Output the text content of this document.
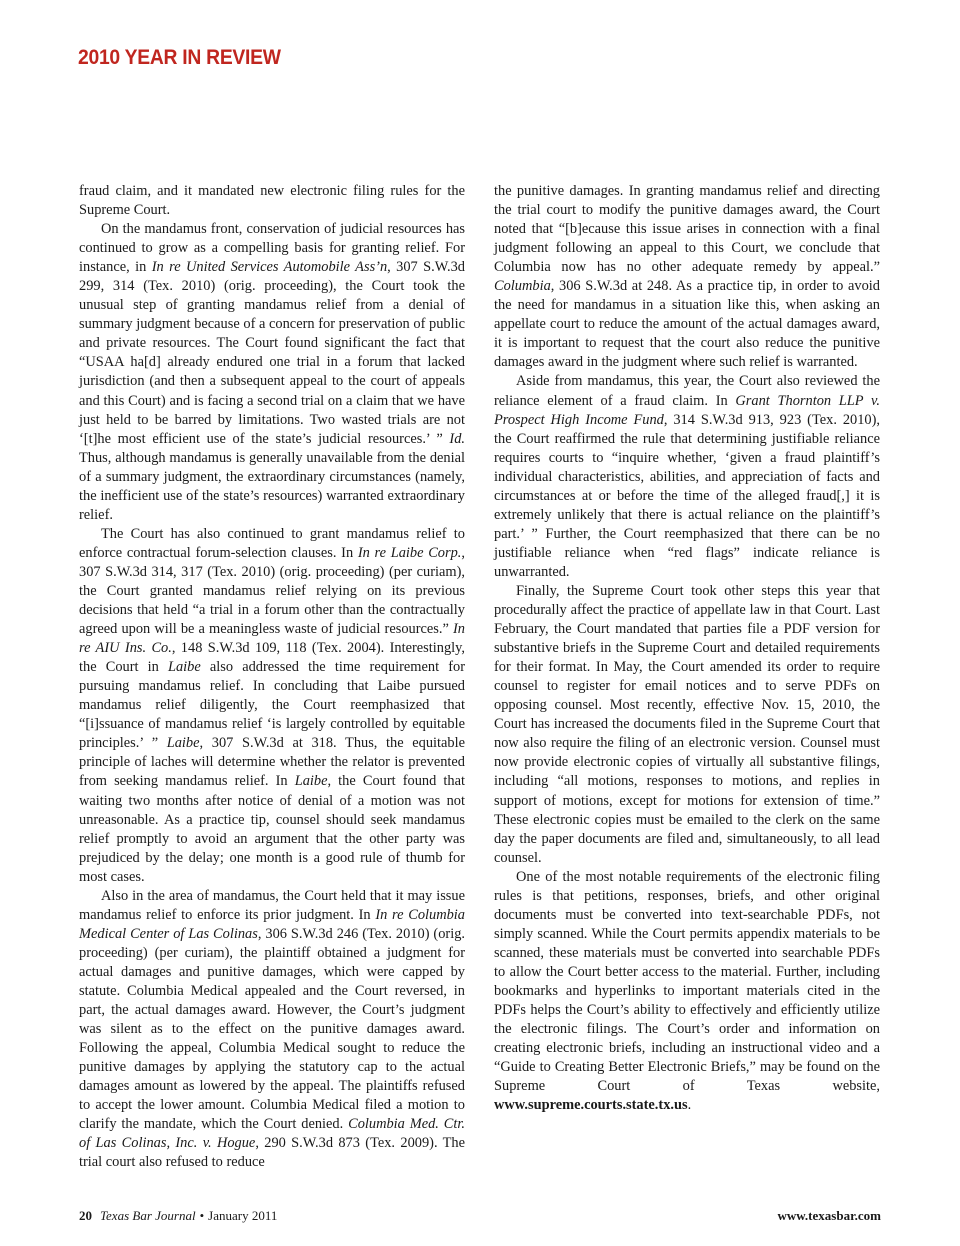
2010 YEAR IN REVIEW

fraud claim, and it mandated new electronic filing rules for the Supreme Court.

On the mandamus front, conservation of judicial resources has continued to grow as a compelling basis for granting relief. For instance, in In re United Services Automobile Ass’n, 307 S.W.3d 299, 314 (Tex. 2010) (orig. proceeding), the Court took the unusual step of granting mandamus relief from a denial of summary judgment because of a concern for preservation of public and private resources. The Court found significant the fact that “USAA ha[d] already endured one trial in a forum that lacked jurisdiction (and then a subsequent appeal to the court of appeals and this Court) and is facing a second trial on a claim that we have just held to be barred by limitations. Two wasted trials are not ‘[t]he most efficient use of the state’s judicial resources.’ ” Id. Thus, although mandamus is generally unavailable from the denial of a summary judgment, the extraordinary circumstances (namely, the inefficient use of the state’s resources) warranted extraordinary relief.

The Court has also continued to grant mandamus relief to enforce contractual forum-selection clauses. In In re Laibe Corp., 307 S.W.3d 314, 317 (Tex. 2010) (orig. proceeding) (per curiam), the Court granted mandamus relief relying on its previous decisions that held “a trial in a forum other than the contractually agreed upon will be a meaningless waste of judicial resources.” In re AIU Ins. Co., 148 S.W.3d 109, 118 (Tex. 2004). Interestingly, the Court in Laibe also addressed the time requirement for pursuing mandamus relief. In concluding that Laibe pursued mandamus relief diligently, the Court reemphasized that “[i]ssuance of mandamus relief ‘is largely controlled by equitable principles.’ ” Laibe, 307 S.W.3d at 318. Thus, the equitable principle of laches will determine whether the relator is prevented from seeking mandamus relief. In Laibe, the Court found that waiting two months after notice of denial of a motion was not unreasonable. As a practice tip, counsel should seek mandamus relief promptly to avoid an argument that the other party was prejudiced by the delay; one month is a good rule of thumb for most cases.

Also in the area of mandamus, the Court held that it may issue mandamus relief to enforce its prior judgment. In In re Columbia Medical Center of Las Colinas, 306 S.W.3d 246 (Tex. 2010) (orig. proceeding) (per curiam), the plaintiff obtained a judgment for actual damages and punitive damages, which were capped by statute. Columbia Medical appealed and the Court reversed, in part, the actual damages award. However, the Court’s judgment was silent as to the effect on the punitive damages award. Following the appeal, Columbia Medical sought to reduce the punitive damages by applying the statutory cap to the actual damages amount as lowered by the appeal. The plaintiffs refused to accept the lower amount. Columbia Medical filed a motion to clarify the mandate, which the Court denied. Columbia Med. Ctr. of Las Colinas, Inc. v. Hogue, 290 S.W.3d 873 (Tex. 2009). The trial court also refused to reduce

the punitive damages. In granting mandamus relief and directing the trial court to modify the punitive damages award, the Court noted that “[b]ecause this issue arises in connection with a final judgment following an appeal to this Court, we conclude that Columbia now has no other adequate remedy by appeal.” Columbia, 306 S.W.3d at 248. As a practice tip, in order to avoid the need for mandamus in a situation like this, when asking an appellate court to reduce the amount of the actual damages award, it is important to request that the court also reduce the punitive damages award in the judgment where such relief is warranted.

Aside from mandamus, this year, the Court also reviewed the reliance element of a fraud claim. In Grant Thornton LLP v. Prospect High Income Fund, 314 S.W.3d 913, 923 (Tex. 2010), the Court reaffirmed the rule that determining justifiable reliance requires courts to “inquire whether, ‘given a fraud plaintiff’s individual characteristics, abilities, and appreciation of facts and circumstances at or before the time of the alleged fraud[,] it is extremely unlikely that there is actual reliance on the plaintiff’s part.’ ” Further, the Court reemphasized that there can be no justifiable reliance when “red flags” indicate reliance is unwarranted.

Finally, the Supreme Court took other steps this year that procedurally affect the practice of appellate law in that Court. Last February, the Court mandated that parties file a PDF version for substantive briefs in the Supreme Court and detailed requirements for their format. In May, the Court amended its order to require counsel to register for email notices and to serve PDFs on opposing counsel. Most recently, effective Nov. 15, 2010, the Court has increased the documents filed in the Supreme Court that now also require the filing of an electronic version. Counsel must now provide electronic copies of virtually all substantive filings, including “all motions, responses to motions, and replies in support of motions, except for motions for extension of time.” These electronic copies must be emailed to the clerk on the same day the paper documents are filed and, simultaneously, to all lead counsel.

One of the most notable requirements of the electronic filing rules is that petitions, responses, briefs, and other original documents must be converted into text-searchable PDFs, not simply scanned. While the Court permits appendix materials to be scanned, these materials must be converted into searchable PDFs to allow the Court better access to the material. Further, including bookmarks and hyperlinks to important materials cited in the PDFs helps the Court’s ability to effectively and efficiently utilize the electronic filings. The Court’s order and information on creating electronic briefs, including an instructional video and a “Guide to Creating Better Electronic Briefs,” may be found on the Supreme Court of Texas website, www.supreme.courts.state.tx.us.

20 Texas Bar Journal • January 2011	www.texasbar.com
